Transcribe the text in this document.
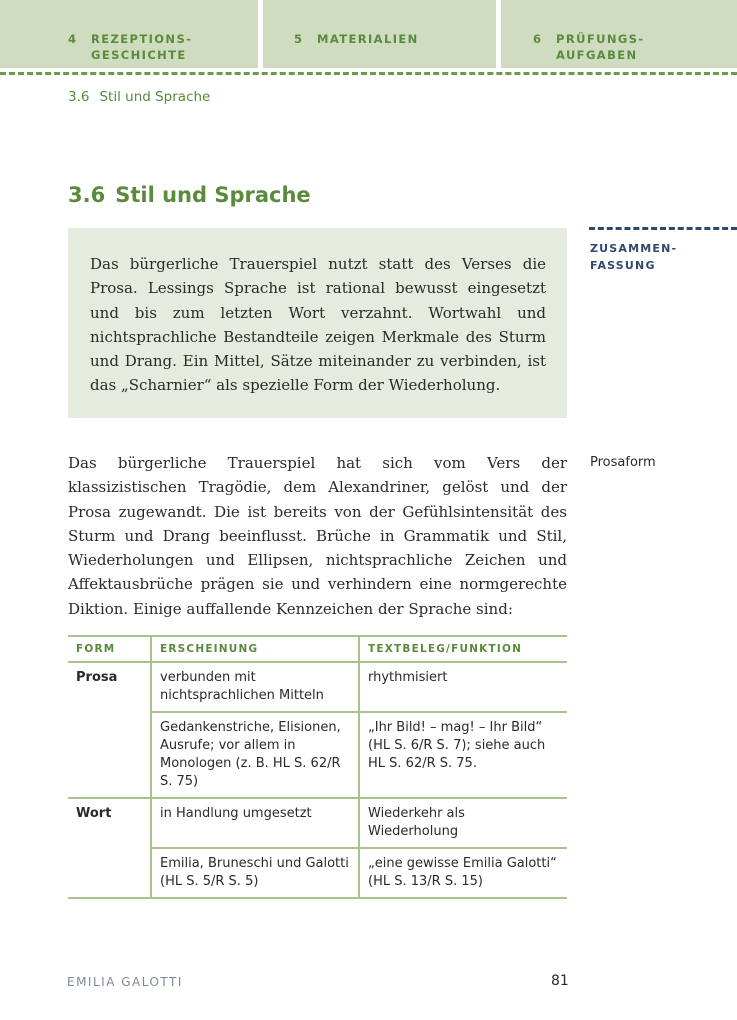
4 REZEPTIONS-
GESCHICHTE
5 MATERIALIEN	6 PRÜFUNGS-
AUFGABEN
3.6 Stil und Sprache
3.6 Stil und Sprache
ZUSAMMEN-
FASSUNG

Das bürgerliche Trauerspiel nutzt statt des Verses die Prosa. Lessings Sprache ist rational bewusst eingesetzt und bis zum letzten Wort verzahnt. Wortwahl und nichtsprachliche Bestandteile zeigen Merkmale des Sturm und Drang. Ein Mittel, Sätze miteinander zu verbinden, ist das „Scharnier“ als spezielle Form der Wiederholung.

Das bürgerliche Trauerspiel hat sich vom Vers der klassizistischen Tragödie, dem Alexandriner, gelöst und der Prosa zugewandt. Die ist bereits von der Gefühlsintensität des Sturm und Drang beeinflusst. Brüche in Grammatik und Stil, Wiederholungen und Ellipsen, nichtsprachliche Zeichen und Affektausbrüche prägen sie und verhindern eine normgerechte Diktion. Einige auffallende Kennzeichen der Sprache sind:

Prosaform
FORM	ERSCHEINUNG	TEXTBELEG/FUNKTION
Prosa	verbunden mit nichtsprachlichen Mitteln	rhythmisiert
	Gedankenstriche, Elisionen, Ausrufe; vor allem in Monologen (z. B. HL S. 62/R S. 75)	„Ihr Bild! – mag! – Ihr Bild“ (HL S. 6/R S. 7); siehe auch HL S. 62/R S. 75.
Wort	in Handlung umgesetzt	Wiederkehr als Wiederholung
	Emilia, Bruneschi und Galotti (HL S. 5/R S. 5)	„eine gewisse Emilia Galotti“ (HL S. 13/R S. 15)
EMILIA GALOTTI	81
